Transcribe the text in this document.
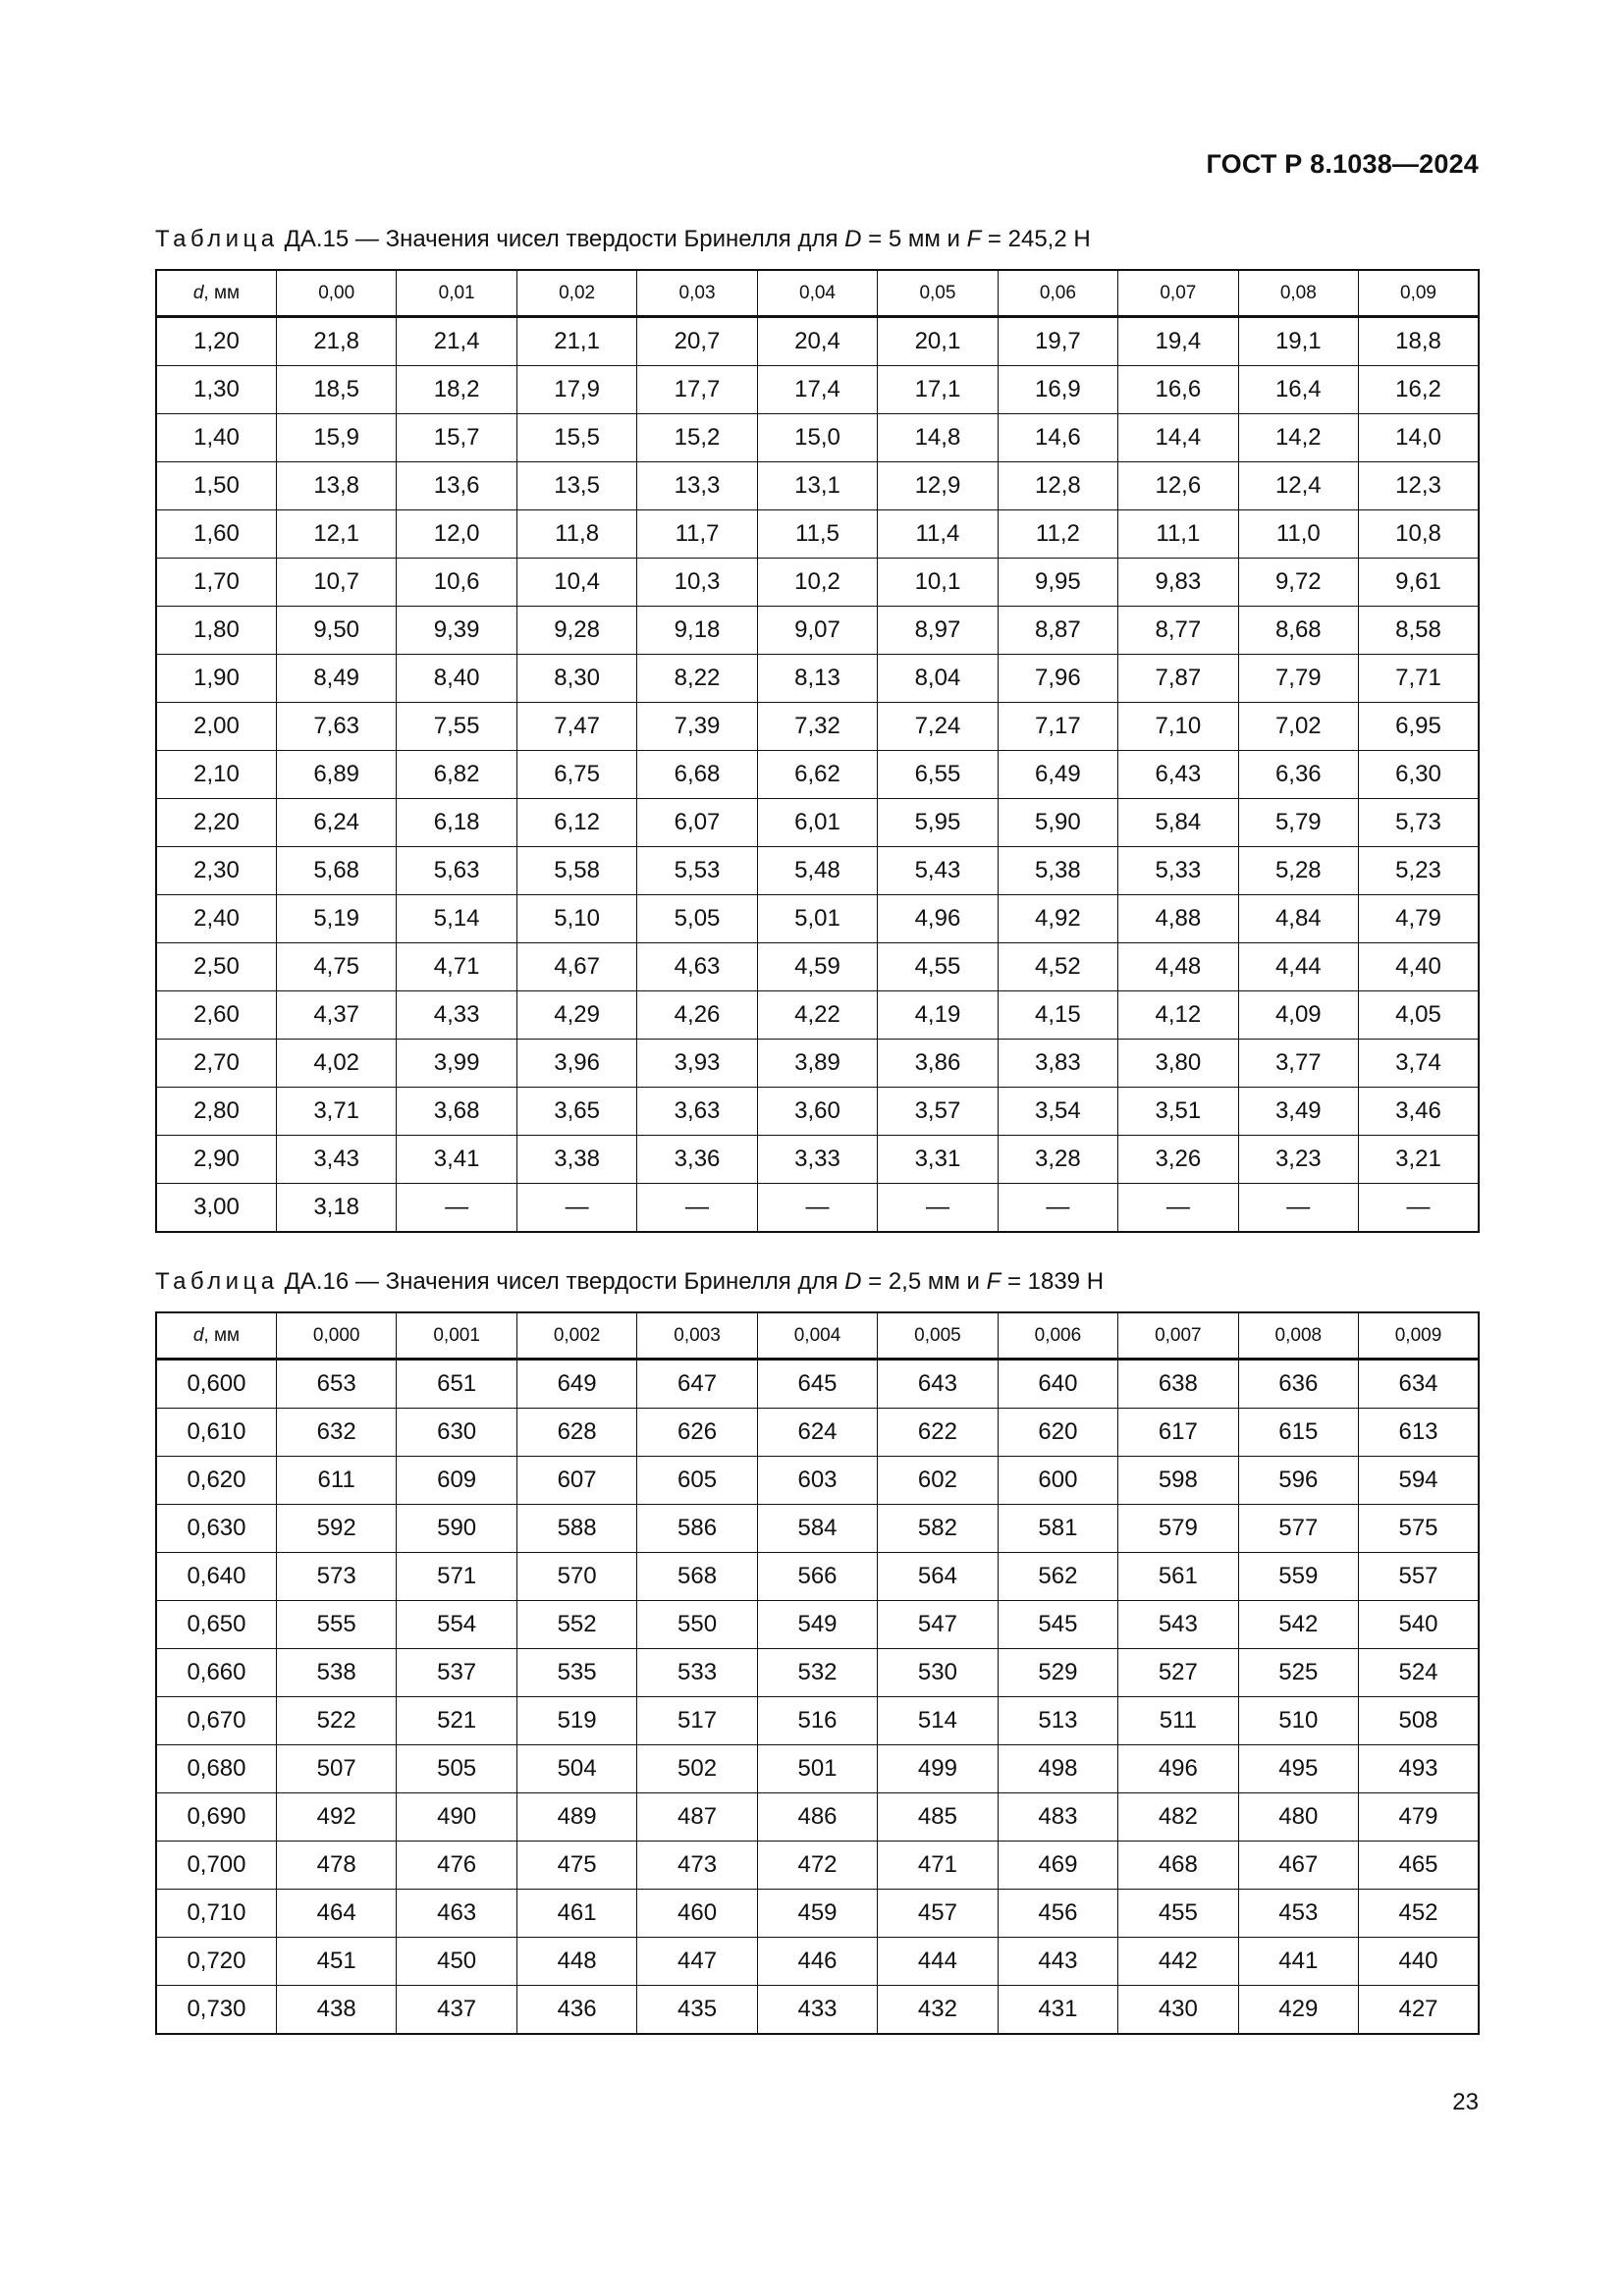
ГОСТ Р 8.1038—2024
Таблица ДА.15 — Значения чисел твердости Бринелля для D = 5 мм и F = 245,2 Н
d, мм	0,00	0,01	0,02	0,03	0,04	0,05	0,06	0,07	0,08	0,09
1,20	21,8	21,4	21,1	20,7	20,4	20,1	19,7	19,4	19,1	18,8
1,30	18,5	18,2	17,9	17,7	17,4	17,1	16,9	16,6	16,4	16,2
1,40	15,9	15,7	15,5	15,2	15,0	14,8	14,6	14,4	14,2	14,0
1,50	13,8	13,6	13,5	13,3	13,1	12,9	12,8	12,6	12,4	12,3
1,60	12,1	12,0	11,8	11,7	11,5	11,4	11,2	11,1	11,0	10,8
1,70	10,7	10,6	10,4	10,3	10,2	10,1	9,95	9,83	9,72	9,61
1,80	9,50	9,39	9,28	9,18	9,07	8,97	8,87	8,77	8,68	8,58
1,90	8,49	8,40	8,30	8,22	8,13	8,04	7,96	7,87	7,79	7,71
2,00	7,63	7,55	7,47	7,39	7,32	7,24	7,17	7,10	7,02	6,95
2,10	6,89	6,82	6,75	6,68	6,62	6,55	6,49	6,43	6,36	6,30
2,20	6,24	6,18	6,12	6,07	6,01	5,95	5,90	5,84	5,79	5,73
2,30	5,68	5,63	5,58	5,53	5,48	5,43	5,38	5,33	5,28	5,23
2,40	5,19	5,14	5,10	5,05	5,01	4,96	4,92	4,88	4,84	4,79
2,50	4,75	4,71	4,67	4,63	4,59	4,55	4,52	4,48	4,44	4,40
2,60	4,37	4,33	4,29	4,26	4,22	4,19	4,15	4,12	4,09	4,05
2,70	4,02	3,99	3,96	3,93	3,89	3,86	3,83	3,80	3,77	3,74
2,80	3,71	3,68	3,65	3,63	3,60	3,57	3,54	3,51	3,49	3,46
2,90	3,43	3,41	3,38	3,36	3,33	3,31	3,28	3,26	3,23	3,21
3,00	3,18	—	—	—	—	—	—	—	—	—
Таблица ДА.16 — Значения чисел твердости Бринелля для D = 2,5 мм и F = 1839 Н
d, мм	0,000	0,001	0,002	0,003	0,004	0,005	0,006	0,007	0,008	0,009
0,600	653	651	649	647	645	643	640	638	636	634
0,610	632	630	628	626	624	622	620	617	615	613
0,620	611	609	607	605	603	602	600	598	596	594
0,630	592	590	588	586	584	582	581	579	577	575
0,640	573	571	570	568	566	564	562	561	559	557
0,650	555	554	552	550	549	547	545	543	542	540
0,660	538	537	535	533	532	530	529	527	525	524
0,670	522	521	519	517	516	514	513	511	510	508
0,680	507	505	504	502	501	499	498	496	495	493
0,690	492	490	489	487	486	485	483	482	480	479
0,700	478	476	475	473	472	471	469	468	467	465
0,710	464	463	461	460	459	457	456	455	453	452
0,720	451	450	448	447	446	444	443	442	441	440
0,730	438	437	436	435	433	432	431	430	429	427
23
